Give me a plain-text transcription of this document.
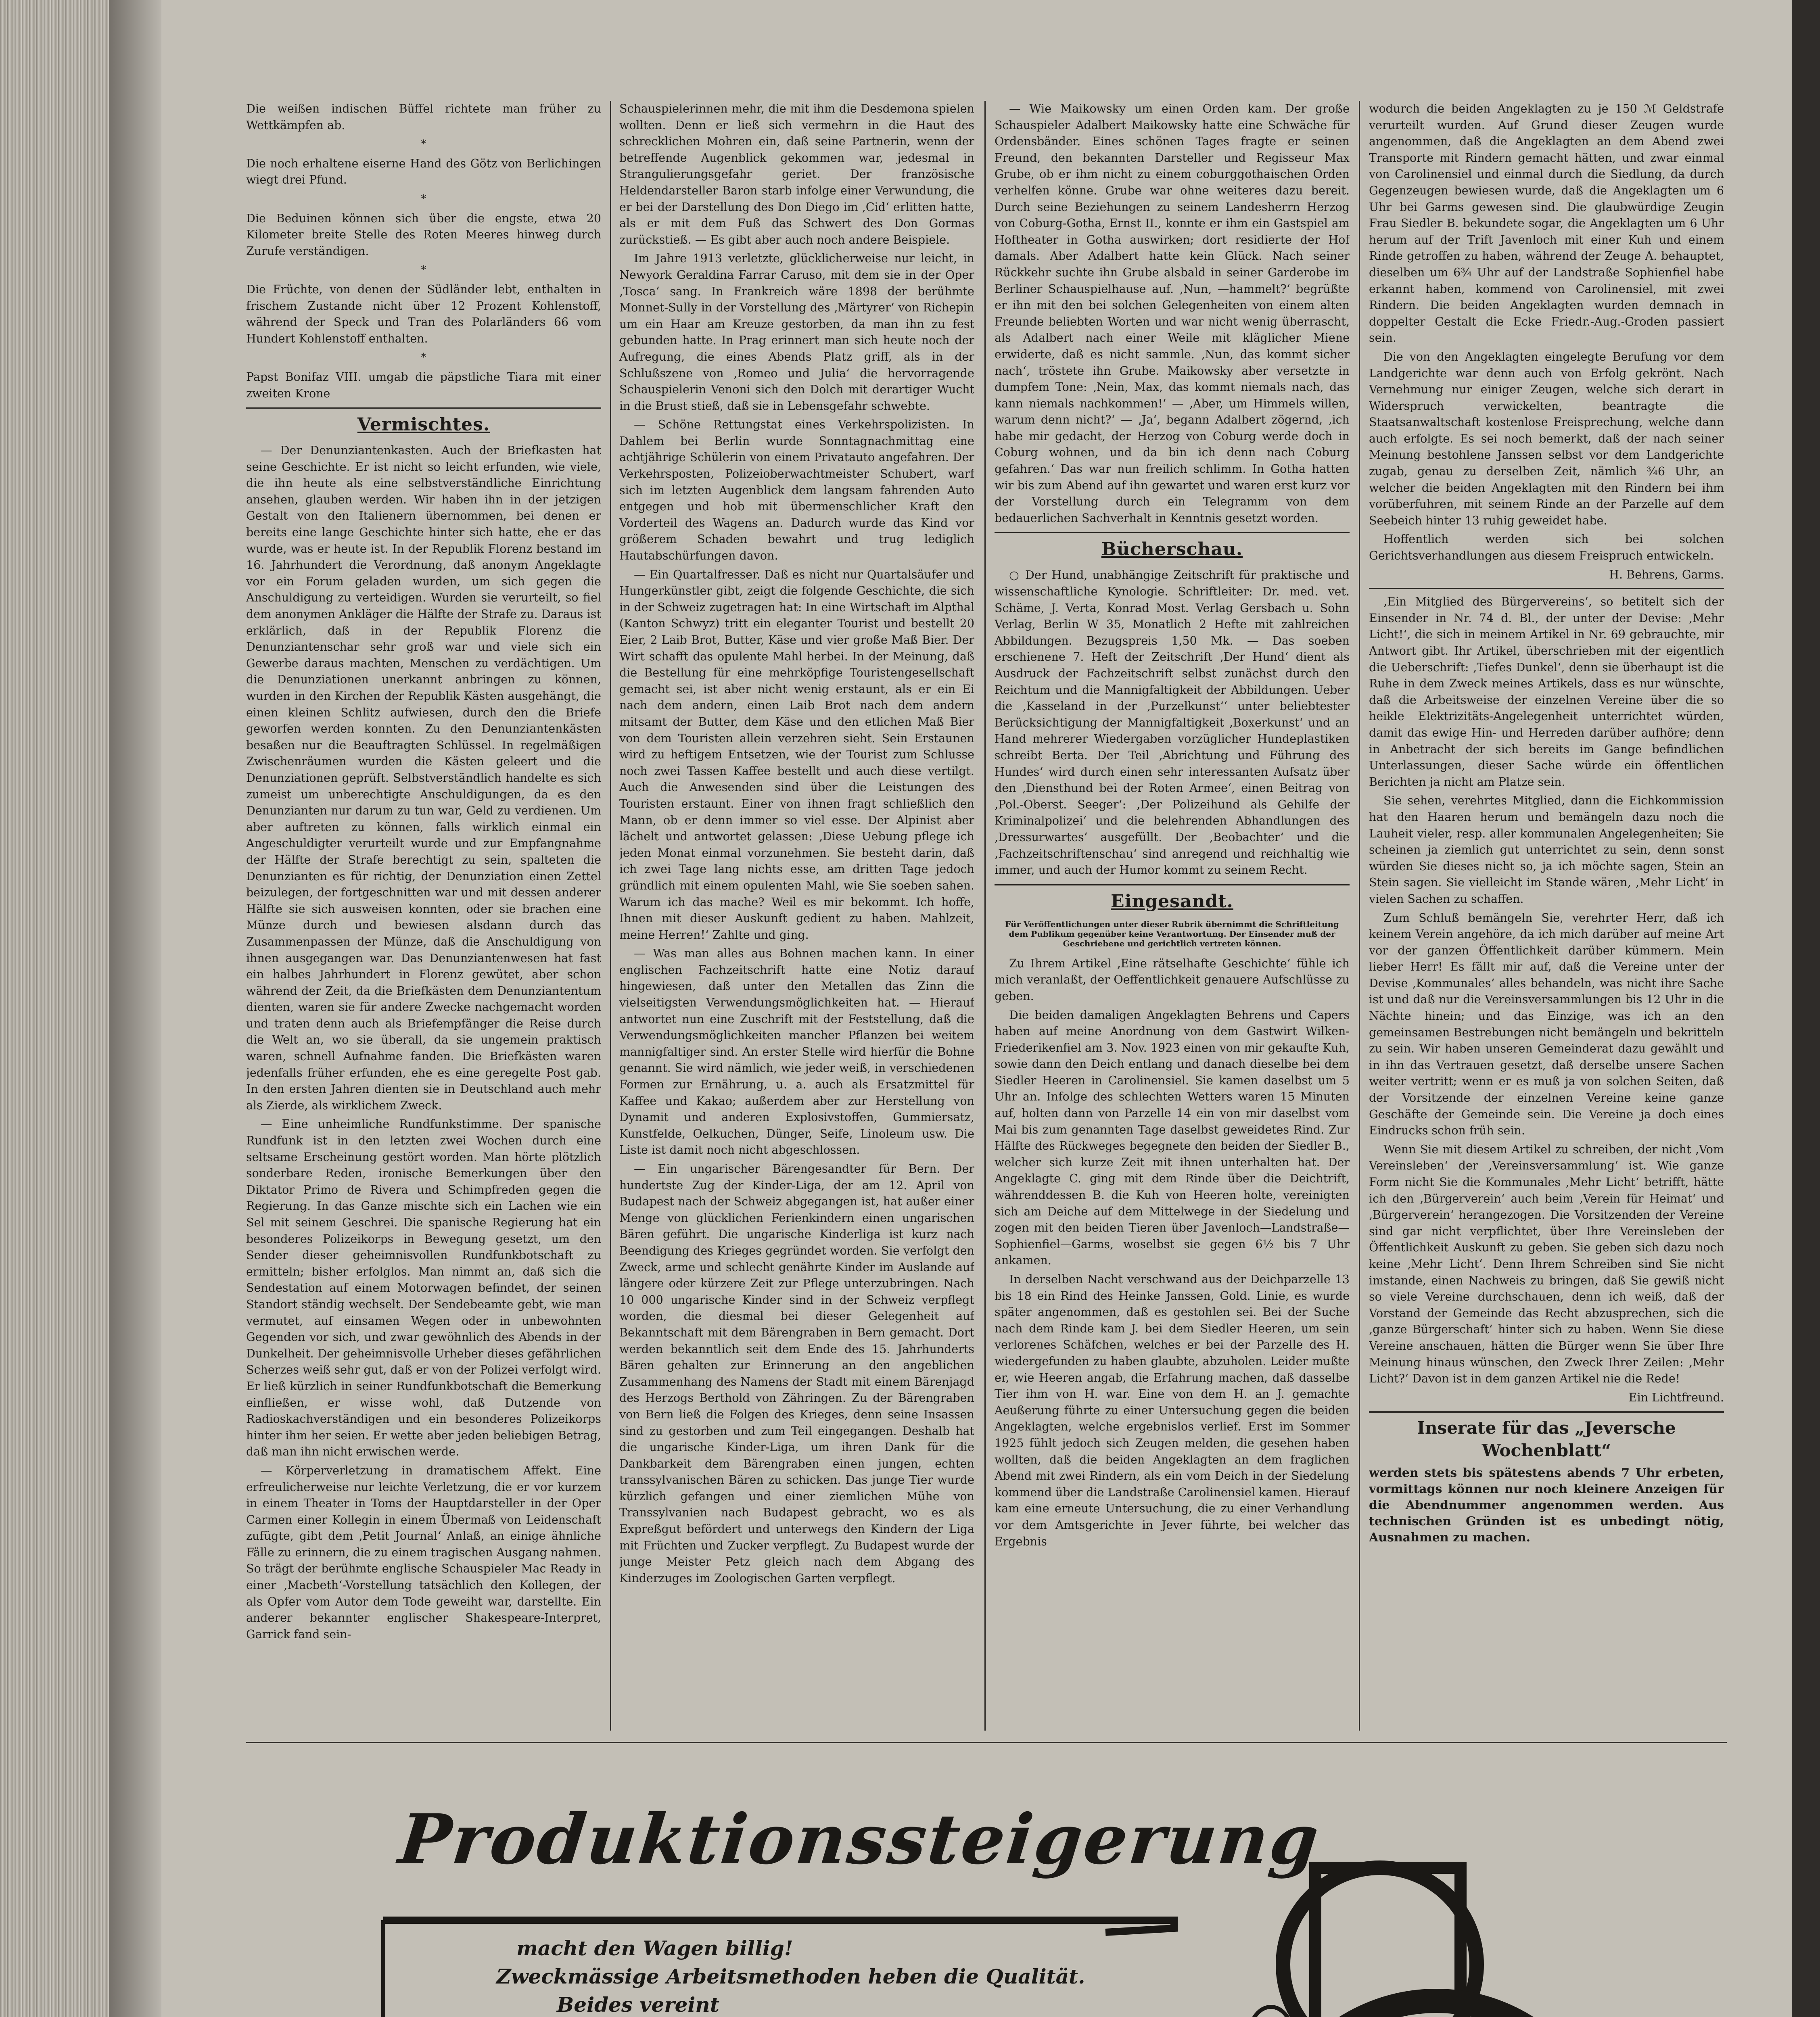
Die weißen indischen Büffel richtete man früher zu Wettkämpfen ab.

*

Die noch erhaltene eiserne Hand des Götz von Berlichingen wiegt drei Pfund.

*

Die Beduinen können sich über die engste, etwa 20 Kilometer breite Stelle des Roten Meeres hinweg durch Zurufe verständigen.

*

Die Früchte, von denen der Südländer lebt, enthalten in frischem Zustande nicht über 12 Prozent Kohlenstoff, während der Speck und Tran des Polarländers 66 vom Hundert Kohlenstoff enthalten.

*

Papst Bonifaz VIII. umgab die päpstliche Tiara mit einer zweiten Krone

Vermischtes.

— Der Denunziantenkasten. Auch der Briefkasten hat seine Geschichte. Er ist nicht so leicht erfunden, wie viele, die ihn heute als eine selbstverständliche Einrichtung ansehen, glauben werden. Wir haben ihn in der jetzigen Gestalt von den Italienern übernommen, bei denen er bereits eine lange Geschichte hinter sich hatte, ehe er das wurde, was er heute ist. In der Republik Florenz bestand im 16. Jahrhundert die Verordnung, daß anonym Angeklagte vor ein Forum geladen wurden, um sich gegen die Anschuldigung zu verteidigen. Wurden sie verurteilt, so fiel dem anonymen Ankläger die Hälfte der Strafe zu. Daraus ist erklärlich, daß in der Republik Florenz die Denunziantenschar sehr groß war und viele sich ein Gewerbe daraus machten, Menschen zu verdächtigen. Um die Denunziationen unerkannt anbringen zu können, wurden in den Kirchen der Republik Kästen ausgehängt, die einen kleinen Schlitz aufwiesen, durch den die Briefe geworfen werden konnten. Zu den Denunziantenkästen besaßen nur die Beauftragten Schlüssel. In regelmäßigen Zwischenräumen wurden die Kästen geleert und die Denunziationen geprüft. Selbstverständlich handelte es sich zumeist um unberechtigte Anschuldigungen, da es den Denunzianten nur darum zu tun war, Geld zu verdienen. Um aber auftreten zu können, falls wirklich einmal ein Angeschuldigter verurteilt wurde und zur Empfangnahme der Hälfte der Strafe berechtigt zu sein, spalteten die Denunzianten es für richtig, der Denunziation einen Zettel beizulegen, der fortgeschnitten war und mit dessen anderer Hälfte sie sich ausweisen konnten, oder sie brachen eine Münze durch und bewiesen alsdann durch das Zusammenpassen der Münze, daß die Anschuldigung von ihnen ausgegangen war. Das Denunziantenwesen hat fast ein halbes Jahrhundert in Florenz gewütet, aber schon während der Zeit, da die Briefkästen dem Denunziantentum dienten, waren sie für andere Zwecke nachgemacht worden und traten denn auch als Briefempfänger die Reise durch die Welt an, wo sie überall, da sie ungemein praktisch waren, schnell Aufnahme fanden. Die Briefkästen waren jedenfalls früher erfunden, ehe es eine geregelte Post gab. In den ersten Jahren dienten sie in Deutschland auch mehr als Zierde, als wirklichem Zweck.

— Eine unheimliche Rundfunkstimme. Der spanische Rundfunk ist in den letzten zwei Wochen durch eine seltsame Erscheinung gestört worden. Man hörte plötzlich sonderbare Reden, ironische Bemerkungen über den Diktator Primo de Rivera und Schimpfreden gegen die Regierung. In das Ganze mischte sich ein Lachen wie ein Sel mit seinem Geschrei. Die spanische Regierung hat ein besonderes Polizeikorps in Bewegung gesetzt, um den Sender dieser geheimnisvollen Rundfunkbotschaft zu ermitteln; bisher erfolglos. Man nimmt an, daß sich die Sendestation auf einem Motorwagen befindet, der seinen Standort ständig wechselt. Der Sendebeamte gebt, wie man vermutet, auf einsamen Wegen oder in unbewohnten Gegenden vor sich, und zwar gewöhnlich des Abends in der Dunkelheit. Der geheimnisvolle Urheber dieses gefährlichen Scherzes weiß sehr gut, daß er von der Polizei verfolgt wird. Er ließ kürzlich in seiner Rundfunkbotschaft die Bemerkung einfließen, er wisse wohl, daß Dutzende von Radioskachverständigen und ein besonderes Polizeikorps hinter ihm her seien. Er wette aber jeden beliebigen Betrag, daß man ihn nicht erwischen werde.

— Körperverletzung in dramatischem Affekt. Eine erfreulicherweise nur leichte Verletzung, die er vor kurzem in einem Theater in Toms der Hauptdarsteller in der Oper Carmen einer Kollegin in einem Übermaß von Leidenschaft zufügte, gibt dem ‚Petit Journal‘ Anlaß, an einige ähnliche Fälle zu erinnern, die zu einem tragischen Ausgang nahmen. So trägt der berühmte englische Schauspieler Mac Ready in einer ‚Macbeth‘-Vorstellung tatsächlich den Kollegen, der als Opfer vom Autor dem Tode geweiht war, darstellte. Ein anderer bekannter englischer Shakespeare-Interpret, Garrick fand sein-

Schauspielerinnen mehr, die mit ihm die Desdemona spielen wollten. Denn er ließ sich vermehrn in die Haut des schrecklichen Mohren ein, daß seine Partnerin, wenn der betreffende Augenblick gekommen war, jedesmal in Strangulierungsgefahr geriet. Der französische Heldendarsteller Baron starb infolge einer Verwundung, die er bei der Darstellung des Don Diego im ‚Cid‘ erlitten hatte, als er mit dem Fuß das Schwert des Don Gormas zurückstieß. — Es gibt aber auch noch andere Beispiele.

Im Jahre 1913 verletzte, glücklicherweise nur leicht, in Newyork Geraldina Farrar Caruso, mit dem sie in der Oper ‚Tosca‘ sang. In Frankreich wäre 1898 der berühmte Monnet-Sully in der Vorstellung des ‚Märtyrer‘ von Richepin um ein Haar am Kreuze gestorben, da man ihn zu fest gebunden hatte. In Prag erinnert man sich heute noch der Aufregung, die eines Abends Platz griff, als in der Schlußszene von ‚Romeo und Julia‘ die hervorragende Schauspielerin Venoni sich den Dolch mit derartiger Wucht in die Brust stieß, daß sie in Lebensgefahr schwebte.

— Schöne Rettungstat eines Verkehrspolizisten. In Dahlem bei Berlin wurde Sonntagnachmittag eine achtjährige Schülerin von einem Privatauto angefahren. Der Verkehrsposten, Polizeioberwachtmeister Schubert, warf sich im letzten Augenblick dem langsam fahrenden Auto entgegen und hob mit übermenschlicher Kraft den Vorderteil des Wagens an. Dadurch wurde das Kind vor größerem Schaden bewahrt und trug lediglich Hautabschürfungen davon.

— Ein Quartalfresser. Daß es nicht nur Quartalsäufer und Hungerkünstler gibt, zeigt die folgende Geschichte, die sich in der Schweiz zugetragen hat: In eine Wirtschaft im Alpthal (Kanton Schwyz) tritt ein eleganter Tourist und bestellt 20 Eier, 2 Laib Brot, Butter, Käse und vier große Maß Bier. Der Wirt schafft das opulente Mahl herbei. In der Meinung, daß die Bestellung für eine mehrköpfige Touristengesellschaft gemacht sei, ist aber nicht wenig erstaunt, als er ein Ei nach dem andern, einen Laib Brot nach dem andern mitsamt der Butter, dem Käse und den etlichen Maß Bier von dem Touristen allein verzehren sieht. Sein Erstaunen wird zu heftigem Entsetzen, wie der Tourist zum Schlusse noch zwei Tassen Kaffee bestellt und auch diese vertilgt. Auch die Anwesenden sind über die Leistungen des Touristen erstaunt. Einer von ihnen fragt schließlich den Mann, ob er denn immer so viel esse. Der Alpinist aber lächelt und antwortet gelassen: ‚Diese Uebung pflege ich jeden Monat einmal vorzunehmen. Sie besteht darin, daß ich zwei Tage lang nichts esse, am dritten Tage jedoch gründlich mit einem opulenten Mahl, wie Sie soeben sahen. Warum ich das mache? Weil es mir bekommt. Ich hoffe, Ihnen mit dieser Auskunft gedient zu haben. Mahlzeit, meine Herren!‘ Zahlte und ging.

— Was man alles aus Bohnen machen kann. In einer englischen Fachzeitschrift hatte eine Notiz darauf hingewiesen, daß unter den Metallen das Zinn die vielseitigsten Verwendungsmöglichkeiten hat. — Hierauf antwortet nun eine Zuschrift mit der Feststellung, daß die Verwendungsmöglichkeiten mancher Pflanzen bei weitem mannigfaltiger sind. An erster Stelle wird hierfür die Bohne genannt. Sie wird nämlich, wie jeder weiß, in verschiedenen Formen zur Ernährung, u. a. auch als Ersatzmittel für Kaffee und Kakao; außerdem aber zur Herstellung von Dynamit und anderen Explosivstoffen, Gummiersatz, Kunstfelde, Oelkuchen, Dünger, Seife, Linoleum usw. Die Liste ist damit noch nicht abgeschlossen.

— Ein ungarischer Bärengesandter für Bern. Der hundertste Zug der Kinder-Liga, der am 12. April von Budapest nach der Schweiz abgegangen ist, hat außer einer Menge von glücklichen Ferienkindern einen ungarischen Bären geführt. Die ungarische Kinderliga ist kurz nach Beendigung des Krieges gegründet worden. Sie verfolgt den Zweck, arme und schlecht genährte Kinder im Auslande auf längere oder kürzere Zeit zur Pflege unterzubringen. Nach 10 000 ungarische Kinder sind in der Schweiz verpflegt worden, die diesmal bei dieser Gelegenheit auf Bekanntschaft mit dem Bärengraben in Bern gemacht. Dort werden bekanntlich seit dem Ende des 15. Jahrhunderts Bären gehalten zur Erinnerung an den angeblichen Zusammenhang des Namens der Stadt mit einem Bärenjagd des Herzogs Berthold von Zähringen. Zu der Bärengraben von Bern ließ die Folgen des Krieges, denn seine Insassen sind zu gestorben und zum Teil eingegangen. Deshalb hat die ungarische Kinder-Liga, um ihren Dank für die Dankbarkeit dem Bärengraben einen jungen, echten transsylvanischen Bären zu schicken. Das junge Tier wurde kürzlich gefangen und einer ziemlichen Mühe von Transsylvanien nach Budapest gebracht, wo es als Expreßgut befördert und unterwegs den Kindern der Liga mit Früchten und Zucker verpflegt. Zu Budapest wurde der junge Meister Petz gleich nach dem Abgang des Kinderzuges im Zoologischen Garten verpflegt.

— Wie Maikowsky um einen Orden kam. Der große Schauspieler Adalbert Maikowsky hatte eine Schwäche für Ordensbänder. Eines schönen Tages fragte er seinen Freund, den bekannten Darsteller und Regisseur Max Grube, ob er ihm nicht zu einem coburggothaischen Orden verhelfen könne. Grube war ohne weiteres dazu bereit. Durch seine Beziehungen zu seinem Landesherrn Herzog von Coburg-Gotha, Ernst II., konnte er ihm ein Gastspiel am Hoftheater in Gotha auswirken; dort residierte der Hof damals. Aber Adalbert hatte kein Glück. Nach seiner Rückkehr suchte ihn Grube alsbald in seiner Garderobe im Berliner Schauspielhause auf. ‚Nun, —hammelt?‘ begrüßte er ihn mit den bei solchen Gelegenheiten von einem alten Freunde beliebten Worten und war nicht wenig überrascht, als Adalbert nach einer Weile mit kläglicher Miene erwiderte, daß es nicht sammle. ‚Nun, das kommt sicher nach‘, tröstete ihn Grube. Maikowsky aber versetzte in dumpfem Tone: ‚Nein, Max, das kommt niemals nach, das kann niemals nachkommen!‘ — ‚Aber, um Himmels willen, warum denn nicht?‘ — ‚Ja‘, begann Adalbert zögernd, ‚ich habe mir gedacht, der Herzog von Coburg werde doch in Coburg wohnen, und da bin ich denn nach Coburg gefahren.‘ Das war nun freilich schlimm. In Gotha hatten wir bis zum Abend auf ihn gewartet und waren erst kurz vor der Vorstellung durch ein Telegramm von dem bedauerlichen Sachverhalt in Kenntnis gesetzt worden.

Bücherschau.

○ Der Hund, unabhängige Zeitschrift für praktische und wissenschaftliche Kynologie. Schriftleiter: Dr. med. vet. Schäme, J. Verta, Konrad Most. Verlag Gersbach u. Sohn Verlag, Berlin W 35, Monatlich 2 Hefte mit zahlreichen Abbildungen. Bezugspreis 1,50 Mk. — Das soeben erschienene 7. Heft der Zeitschrift ‚Der Hund‘ dient als Ausdruck der Fachzeitschrift selbst zunächst durch den Reichtum und die Mannigfaltigkeit der Abbildungen. Ueber die ‚Kasseland in der ‚Purzelkunst‘‘ unter beliebtester Berücksichtigung der Mannigfaltigkeit ‚Boxerkunst‘ und an Hand mehrerer Wiedergaben vorzüglicher Hundeplastiken schreibt Berta. Der Teil ‚Abrichtung und Führung des Hundes‘ wird durch einen sehr interessanten Aufsatz über den ‚Diensthund bei der Roten Armee‘, einen Beitrag von ‚Pol.-Oberst. Seeger‘: ‚Der Polizeihund als Gehilfe der Kriminalpolizei‘ und die belehrenden Abhandlungen des ‚Dressurwartes‘ ausgefüllt. Der ‚Beobachter‘ und die ‚Fachzeitschriftenschau‘ sind anregend und reichhaltig wie immer, und auch der Humor kommt zu seinem Recht.

Eingesandt.
Für Veröffentlichungen unter dieser Rubrik übernimmt die Schriftleitung dem Publikum gegenüber keine Verantwortung. Der Einsender muß der Geschriebene und gerichtlich vertreten können.

Zu Ihrem Artikel ‚Eine rätselhafte Geschichte‘ fühle ich mich veranlaßt, der Oeffentlichkeit genauere Aufschlüsse zu geben.

Die beiden damaligen Angeklagten Behrens und Capers haben auf meine Anordnung von dem Gastwirt Wilken-Friederikenfiel am 3. Nov. 1923 einen von mir gekaufte Kuh, sowie dann den Deich entlang und danach dieselbe bei dem Siedler Heeren in Carolinensiel. Sie kamen daselbst um 5 Uhr an. Infolge des schlechten Wetters waren 15 Minuten auf, holten dann von Parzelle 14 ein von mir daselbst vom Mai bis zum genannten Tage daselbst geweidetes Rind. Zur Hälfte des Rückweges begegnete den beiden der Siedler B., welcher sich kurze Zeit mit ihnen unterhalten hat. Der Angeklagte C. ging mit dem Rinde über die Deichtrift, währenddessen B. die Kuh von Heeren holte, vereinigten sich am Deiche auf dem Mittelwege in der Siedelung und zogen mit den beiden Tieren über Javenloch—Landstraße—Sophienfiel—Garms, woselbst sie gegen 6½ bis 7 Uhr ankamen.

In derselben Nacht verschwand aus der Deichparzelle 13 bis 18 ein Rind des Heinke Janssen, Gold. Linie, es wurde später angenommen, daß es gestohlen sei. Bei der Suche nach dem Rinde kam J. bei dem Siedler Heeren, um sein verlorenes Schäfchen, welches er bei der Parzelle des H. wiedergefunden zu haben glaubte, abzuholen. Leider mußte er, wie Heeren angab, die Erfahrung machen, daß dasselbe Tier ihm von H. war. Eine von dem H. an J. gemachte Aeußerung führte zu einer Untersuchung gegen die beiden Angeklagten, welche ergebnislos verlief. Erst im Sommer 1925 fühlt jedoch sich Zeugen melden, die gesehen haben wollten, daß die beiden Angeklagten an dem fraglichen Abend mit zwei Rindern, als ein vom Deich in der Siedelung kommend über die Landstraße Carolinensiel kamen. Hierauf kam eine erneute Untersuchung, die zu einer Verhandlung vor dem Amtsgerichte in Jever führte, bei welcher das Ergebnis

wodurch die beiden Angeklagten zu je 150 ℳ Geldstrafe verurteilt wurden. Auf Grund dieser Zeugen wurde angenommen, daß die Angeklagten an dem Abend zwei Transporte mit Rindern gemacht hätten, und zwar einmal von Carolinensiel und einmal durch die Siedlung, da durch Gegenzeugen bewiesen wurde, daß die Angeklagten um 6 Uhr bei Garms gewesen sind. Die glaubwürdige Zeugin Frau Siedler B. bekundete sogar, die Angeklagten um 6 Uhr herum auf der Trift Javenloch mit einer Kuh und einem Rinde getroffen zu haben, während der Zeuge A. behauptet, dieselben um 6¾ Uhr auf der Landstraße Sophienfiel habe erkannt haben, kommend von Carolinensiel, mit zwei Rindern. Die beiden Angeklagten wurden demnach in doppelter Gestalt die Ecke Friedr.-Aug.-Groden passiert sein.

Die von den Angeklagten eingelegte Berufung vor dem Landgerichte war denn auch von Erfolg gekrönt. Nach Vernehmung nur einiger Zeugen, welche sich derart in Widerspruch verwickelten, beantragte die Staatsanwaltschaft kostenlose Freisprechung, welche dann auch erfolgte. Es sei noch bemerkt, daß der nach seiner Meinung bestohlene Janssen selbst vor dem Landgerichte zugab, genau zu derselben Zeit, nämlich ¾6 Uhr, an welcher die beiden Angeklagten mit den Rindern bei ihm vorüberfuhren, mit seinem Rinde an der Parzelle auf dem Seebeich hinter 13 ruhig geweidet habe.

Hoffentlich werden sich bei solchen Gerichtsverhandlungen aus diesem Freispruch entwickeln.

H. Behrens, Garms.

‚Ein Mitglied des Bürgervereins‘, so betitelt sich der Einsender in Nr. 74 d. Bl., der unter der Devise: ‚Mehr Licht!‘, die sich in meinem Artikel in Nr. 69 gebrauchte, mir Antwort gibt. Ihr Artikel, überschrieben mit der eigentlich die Ueberschrift: ‚Tiefes Dunkel‘, denn sie überhaupt ist die Ruhe in dem Zweck meines Artikels, dass es nur wünschte, daß die Arbeitsweise der einzelnen Vereine über die so heikle Elektrizitäts-Angelegenheit unterrichtet würden, damit das ewige Hin- und Herreden darüber aufhöre; denn in Anbetracht der sich bereits im Gange befindlichen Unterlassungen, dieser Sache würde ein öffentlichen Berichten ja nicht am Platze sein.

Sie sehen, verehrtes Mitglied, dann die Eichkommission hat den Haaren herum und bemängeln dazu noch die Lauheit vieler, resp. aller kommunalen Angelegenheiten; Sie scheinen ja ziemlich gut unterrichtet zu sein, denn sonst würden Sie dieses nicht so, ja ich möchte sagen, Stein an Stein sagen. Sie vielleicht im Stande wären, ‚Mehr Licht‘ in vielen Sachen zu schaffen.

Zum Schluß bemängeln Sie, verehrter Herr, daß ich keinem Verein angehöre, da ich mich darüber auf meine Art vor der ganzen Öffentlichkeit darüber kümmern. Mein lieber Herr! Es fällt mir auf, daß die Vereine unter der Devise ‚Kommunales‘ alles behandeln, was nicht ihre Sache ist und daß nur die Vereinsversammlungen bis 12 Uhr in die Nächte hinein; und das Einzige, was ich an den gemeinsamen Bestrebungen nicht bemängeln und bekritteln zu sein. Wir haben unseren Gemeinderat dazu gewählt und in ihn das Vertrauen gesetzt, daß derselbe unsere Sachen weiter vertritt; wenn er es muß ja von solchen Seiten, daß der Vorsitzende der einzelnen Vereine keine ganze Geschäfte der Gemeinde sein. Die Vereine ja doch eines Eindrucks schon früh sein.

Wenn Sie mit diesem Artikel zu schreiben, der nicht ‚Vom Vereinsleben‘ der ‚Vereinsversammlung‘ ist. Wie ganze Form nicht Sie die Kommunales ‚Mehr Licht‘ betrifft, hätte ich den ‚Bürgerverein‘ auch beim ‚Verein für Heimat‘ und ‚Bürgerverein‘ herangezogen. Die Vorsitzenden der Vereine sind gar nicht verpflichtet, über Ihre Vereinsleben der Öffentlichkeit Auskunft zu geben. Sie geben sich dazu noch keine ‚Mehr Licht‘. Denn Ihrem Schreiben sind Sie nicht imstande, einen Nachweis zu bringen, daß Sie gewiß nicht so viele Vereine durchschauen, denn ich weiß, daß der Vorstand der Gemeinde das Recht abzusprechen, sich die ‚ganze Bürgerschaft‘ hinter sich zu haben. Wenn Sie diese Vereine anschauen, hätten die Bürger wenn Sie über Ihre Meinung hinaus wünschen, den Zweck Ihrer Zeilen: ‚Mehr Licht?‘ Davon ist in dem ganzen Artikel nie die Rede!

Ein Lichtfreund.
Inserate für das „Jeversche Wochenblatt“
werden stets bis spätestens abends 7 Uhr erbeten, vormittags können nur noch kleinere Anzeigen für die Abendnummer angenommen werden. Aus technischen Gründen ist es unbedingt nötig, Ausnahmen zu machen.
Produktionssteigerung
macht den Wagen billig!
Zweckmässige Arbeitsmethoden heben die Qualität.
Beides vereint
